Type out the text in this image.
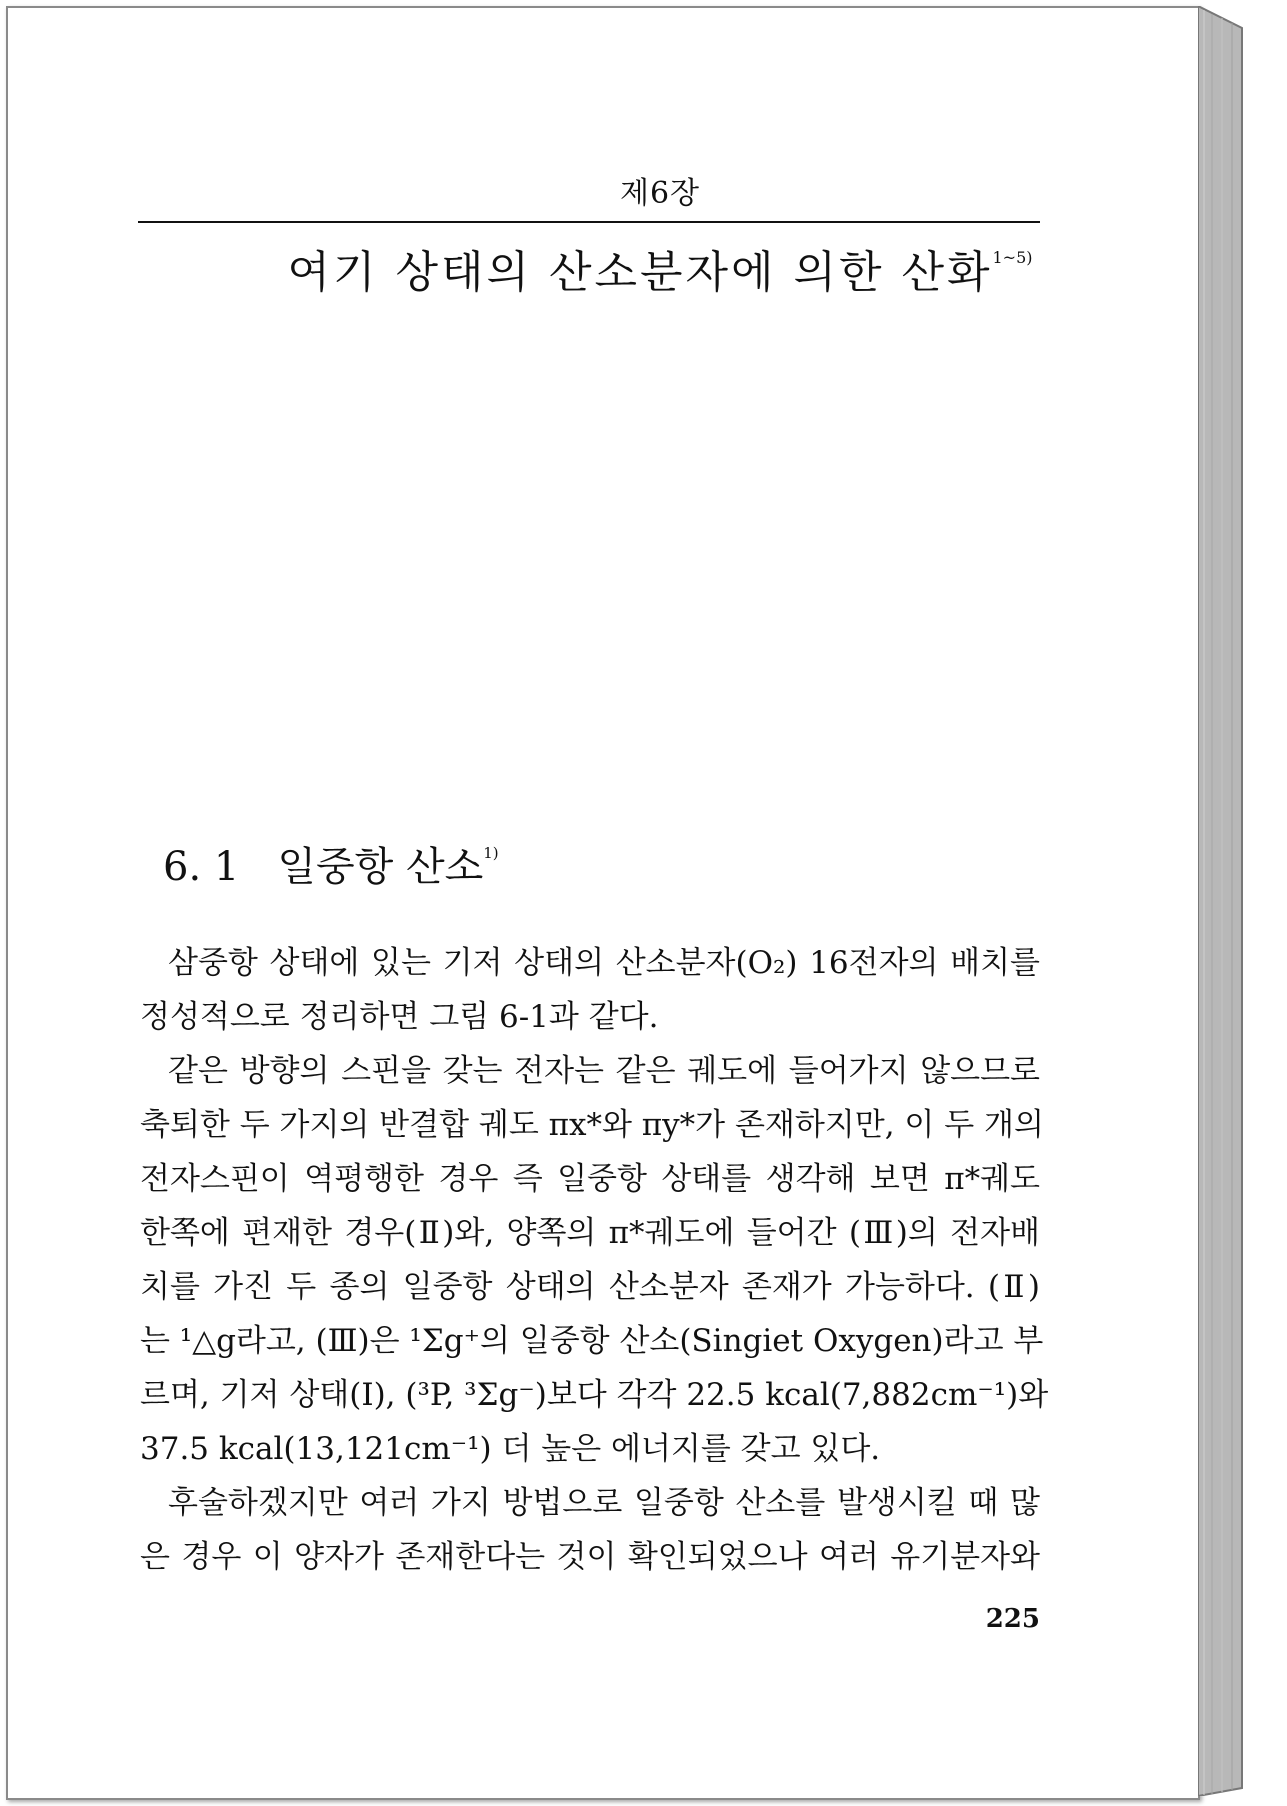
제6장
여기 상태의 산소분자에 의한 산화$^{1\sim 5)}$
6. 1 일중항 산소$^{1)}$
삼중항 상태에 있는 기저 상태의 산소분자(O₂) 16전자의 배치를
정성적으로 정리하면 그림 6-1과 같다.
같은 방향의 스핀을 갖는 전자는 같은 궤도에 들어가지 않으므로
축퇴한 두 가지의 반결합 궤도 πx*와 πy*가 존재하지만, 이 두 개의
전자스핀이 역평행한 경우 즉 일중항 상태를 생각해 보면 π*궤도
한쪽에 편재한 경우(Ⅱ)와, 양쪽의 π*궤도에 들어간 (Ⅲ)의 전자배
치를 가진 두 종의 일중항 상태의 산소분자 존재가 가능하다. (Ⅱ)
는 ¹△g라고, (Ⅲ)은 ¹Σg⁺의 일중항 산소(Singiet Oxygen)라고 부
르며, 기저 상태(Ⅰ), (³P, ³Σg⁻)보다 각각 22.5 kcal(7,882cm⁻¹)와
37.5 kcal(13,121cm⁻¹) 더 높은 에너지를 갖고 있다.
후술하겠지만 여러 가지 방법으로 일중항 산소를 발생시킬 때 많
은 경우 이 양자가 존재한다는 것이 확인되었으나 여러 유기분자와
225
